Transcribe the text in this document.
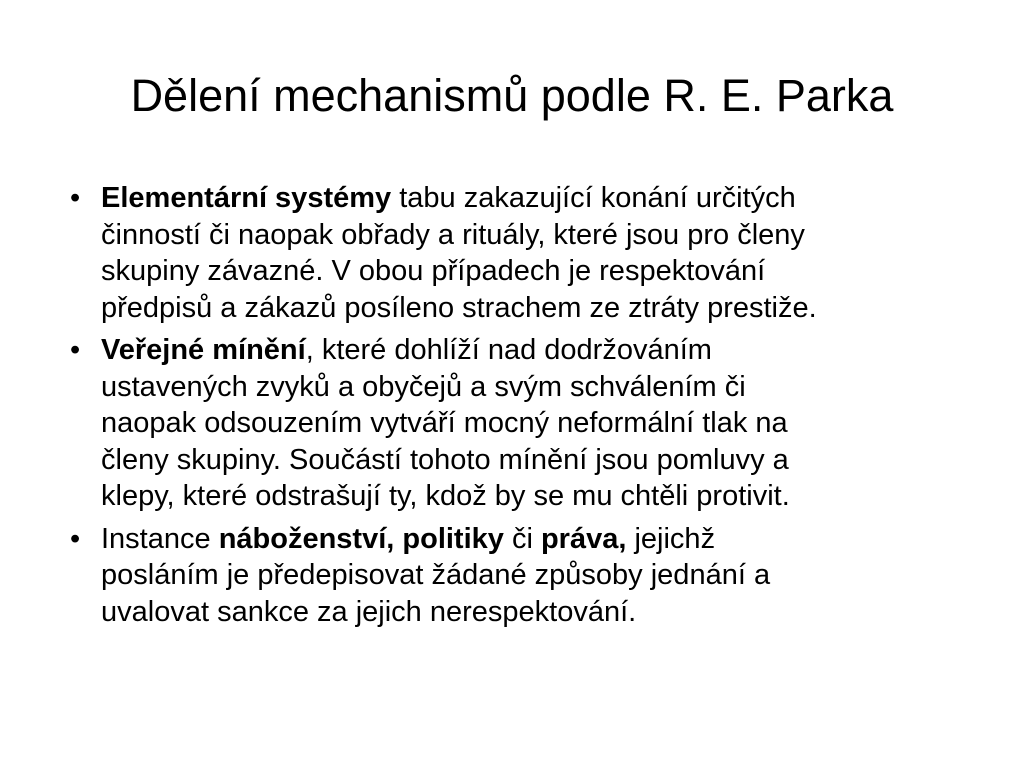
Dělení mechanismů podle R. E. Parka
• Elementární systémy tabu zakazující konání určitých
činností či naopak obřady a rituály, které jsou pro členy
skupiny závazné. V obou případech je respektování
předpisů a zákazů posíleno strachem ze ztráty prestiže.
• Veřejné mínění, které dohlíží nad dodržováním
ustavených zvyků a obyčejů a svým schválením či
naopak odsouzením vytváří mocný neformální tlak na
členy skupiny. Součástí tohoto mínění jsou pomluvy a
klepy, které odstrašují ty, kdož by se mu chtěli protivit.
• Instance náboženství, politiky či práva, jejichž
posláním je předepisovat žádané způsoby jednání a
uvalovat sankce za jejich nerespektování.
